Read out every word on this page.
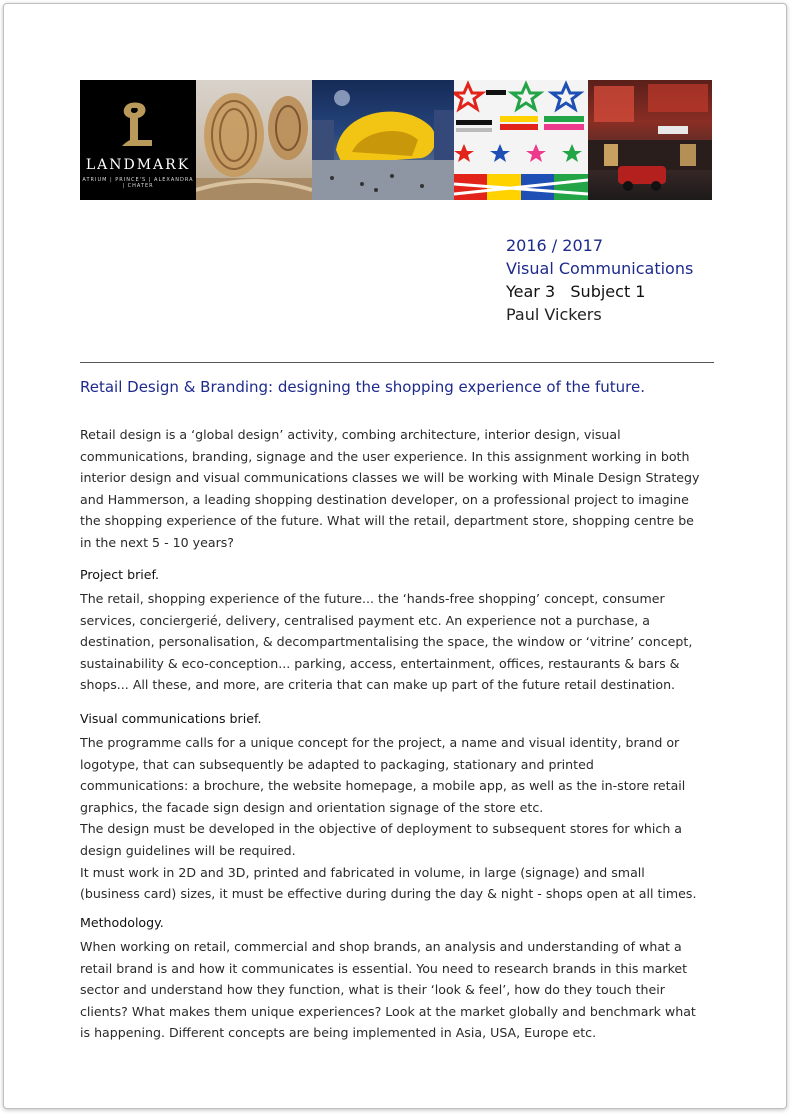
LANDMARK
ATRIUM | PRINCE'S | ALEXANDRA | CHATER
2016 / 2017
Visual Communications
Year 3   Subject 1
Paul Vickers
Retail Design & Branding: designing the shopping experience of the future.

Retail design is a ‘global design’ activity, combing architecture, interior design, visual

communications, branding, signage and the user experience. In this assignment working in both

interior design and visual communications classes we will be working with Minale Design Strategy

and Hammerson, a leading shopping destination developer, on a professional project to imagine

the shopping experience of the future. What will the retail, department store, shopping centre be

in the next 5 - 10 years?

Project brief.

The retail, shopping experience of the future... the ‘hands-free shopping’ concept, consumer

services, conciergerié, delivery, centralised payment etc. An experience not a purchase, a

destination, personalisation, & decompartmentalising the space, the window or ‘vitrine’ concept,

sustainability & eco-conception... parking, access, entertainment, offices, restaurants & bars &

shops... All these, and more, are criteria that can make up part of the future retail destination.

Visual communications brief.

The programme calls for a unique concept for the project, a name and visual identity, brand or

logotype, that can subsequently be adapted to packaging, stationary and printed

communications: a brochure, the website homepage, a mobile app, as well as the in-store retail

graphics, the facade sign design and orientation signage of the store etc.

The design must be developed in the objective of deployment to subsequent stores for which a

design guidelines will be required.

It must work in 2D and 3D, printed and fabricated in volume, in large (signage) and small

(business card) sizes, it must be effective during during the day & night - shops open at all times.

Methodology.

When working on retail, commercial and shop brands, an analysis and understanding of what a

retail brand is and how it communicates is essential. You need to research brands in this market

sector and understand how they function, what is their ‘look & feel’, how do they touch their

clients? What makes them unique experiences? Look at the market globally and benchmark what

is happening. Different concepts are being implemented in Asia, USA, Europe etc.
